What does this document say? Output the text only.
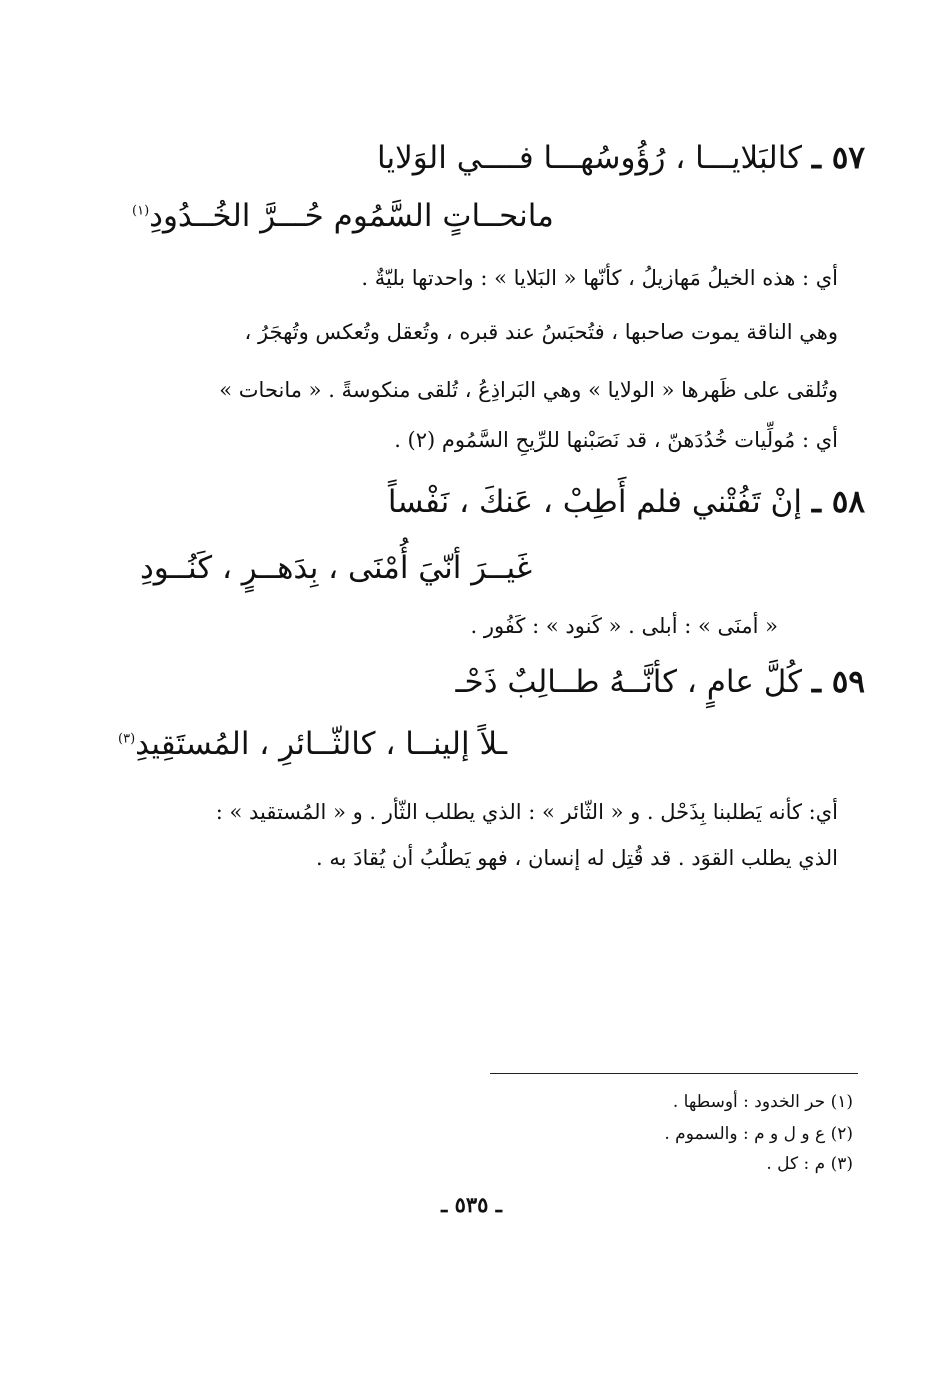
٥٧ ـ كالبَلايـــا ، رُؤُوسُهـــا فــــي الوَلايا
مانحــاتٍ السَّمُوم حُـــرَّ الخُــدُودِ$^{(١)}$
أي : هذه الخيلُ مَهازيلُ ، كأنّها « البَلايا » : واحدتها بليّةٌ .
وهي الناقة يموت صاحبها ، فتُحبَسُ عند قبره ، وتُعقل وتُعكس وتُهجَرُ ،
وتُلقى على ظَهرها « الولايا » وهي البَراذِعُ ، تُلقى منكوسةً . « مانحات »
أي : مُولِّيات خُدُدَهنّ ، قد نَصَبْنها للرِّيحِ السَّمُوم (٢) .
٥٨ ـ إنْ تَفُتْني فلم أَطِبْ ، عَنكَ ، نَفْساً
غَيــرَ أنّيَ أُمْنَى ، بِدَهــرٍ ، كَنُــودِ
« أمنَى » : أبلى . « كَنود » : كَفُور .
٥٩ ـ كُلَّ عامٍ ، كأنَّــهُ طــالِبٌ ذَحْـ
ـلاً إلينــا ، كالثّــائرِ ، المُستَقِيدِ$^{(٣)}$
أي: كأنه يَطلبنا بِذَحْل . و « الثّائر » : الذي يطلب الثّأر . و « المُستقيد » :
الذي يطلب القوَد . قد قُتِل له إنسان ، فهو يَطلُبُ أن يُقادَ به .
(١) حر الخدود : أوسطها .
(٢) ع و ل و م : والسموم .
(٣) م : كل .
ـ ٥٣٥ ـ
